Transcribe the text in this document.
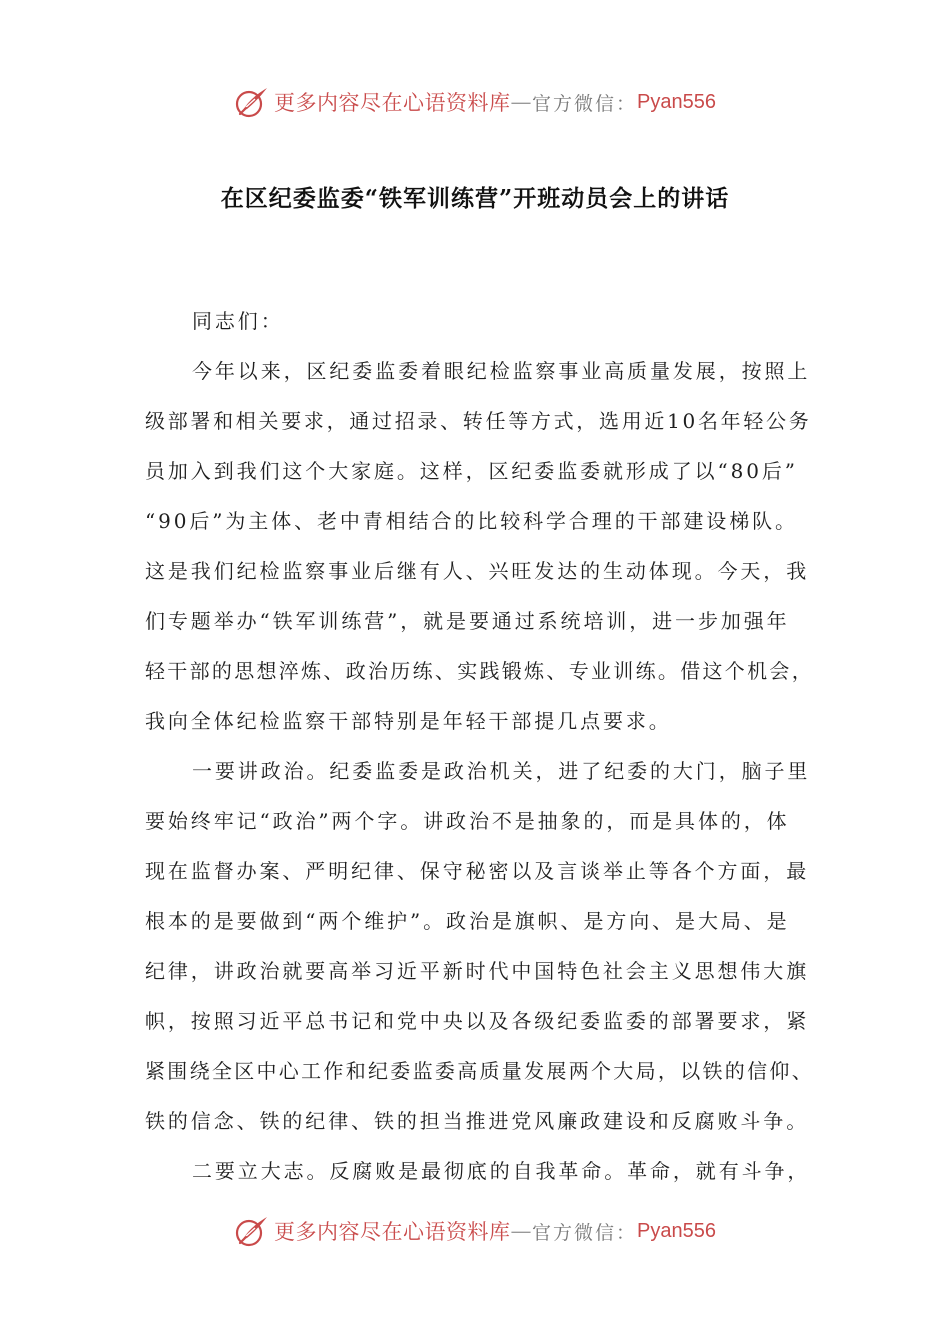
更多内容尽在心语资料库 — 官方微信： Pyan556
在区纪委监委“铁军训练营”开班动员会上的讲话

同志们：

今年以来，区纪委监委着眼纪检监察事业高质量发展，按照上

级部署和相关要求，通过招录、转任等方式，选用近10名年轻公务

员加入到我们这个大家庭。这样，区纪委监委就形成了以“80后”

“90后”为主体、老中青相结合的比较科学合理的干部建设梯队。

这是我们纪检监察事业后继有人、兴旺发达的生动体现。今天，我

们专题举办“铁军训练营”，就是要通过系统培训，进一步加强年

轻干部的思想淬炼、政治历练、实践锻炼、专业训练。借这个机会，

我向全体纪检监察干部特别是年轻干部提几点要求。

一要讲政治。纪委监委是政治机关，进了纪委的大门，脑子里

要始终牢记“政治”两个字。讲政治不是抽象的，而是具体的，体

现在监督办案、严明纪律、保守秘密以及言谈举止等各个方面，最

根本的是要做到“两个维护”。政治是旗帜、是方向、是大局、是

纪律，讲政治就要高举习近平新时代中国特色社会主义思想伟大旗

帜，按照习近平总书记和党中央以及各级纪委监委的部署要求，紧

紧围绕全区中心工作和纪委监委高质量发展两个大局，以铁的信仰、

铁的信念、铁的纪律、铁的担当推进党风廉政建设和反腐败斗争。

二要立大志。反腐败是最彻底的自我革命。革命，就有斗争，

更多内容尽在心语资料库 — 官方微信： Pyan556
